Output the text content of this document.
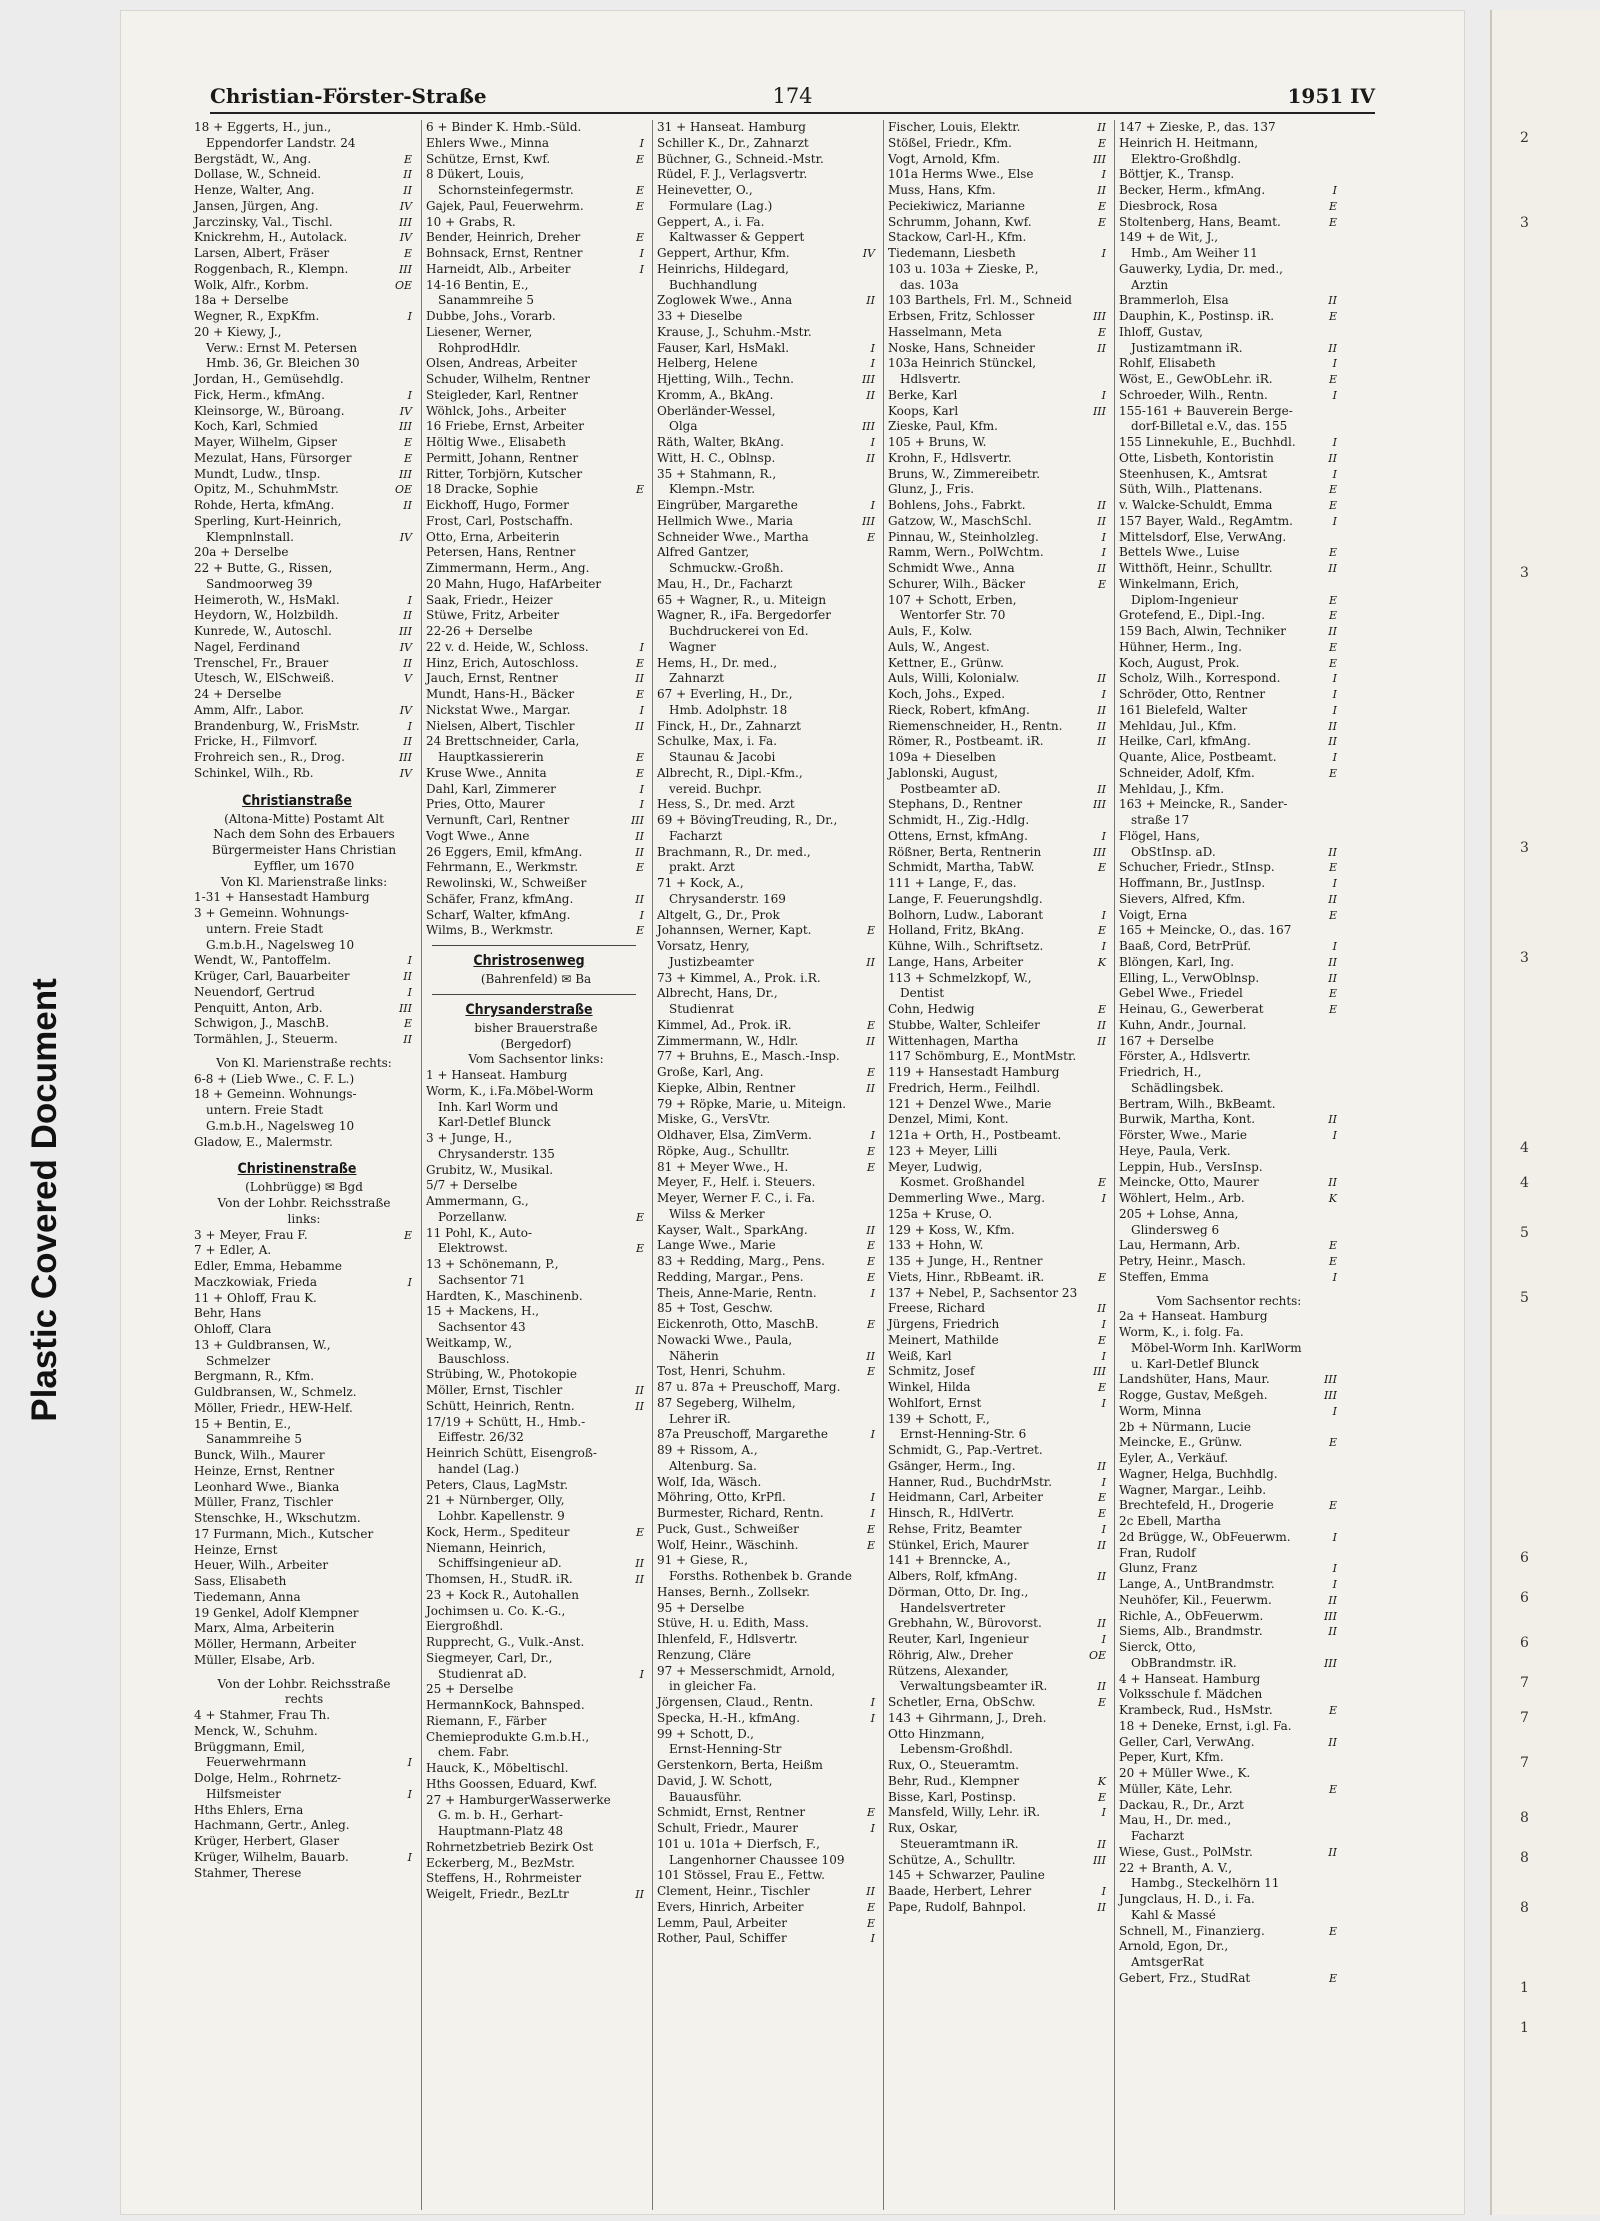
Plastic Covered Document
Christian-Förster-Straße	174	1951 IV
18 + Eggerts, H., jun.,
Eppendorfer Landstr. 24
Bergstädt, W., Ang.	E
Dollase, W., Schneid.	II
Henze, Walter, Ang.	II
Jansen, Jürgen, Ang.	IV
Jarczinsky, Val., Tischl.	III
Knickrehm, H., Autolack.	IV
Larsen, Albert, Fräser	E
Roggenbach, R., Klempn.	III
Wolk, Alfr., Korbm.	OE
18a + Derselbe
Wegner, R., ExpKfm.	I
20 + Kiewy, J.,
Verw.: Ernst M. Petersen
Hmb. 36, Gr. Bleichen 30
Jordan, H., Gemüsehdlg.
Fick, Herm., kfmAng.	I
Kleinsorge, W., Büroang.	IV
Koch, Karl, Schmied	III
Mayer, Wilhelm, Gipser	E
Mezulat, Hans, Fürsorger	E
Mundt, Ludw., tInsp.	III
Opitz, M., SchuhmMstr.	OE
Rohde, Herta, kfmAng.	II
Sperling, Kurt-Heinrich,
Klempnlnstall.	IV
20a + Derselbe
22 + Butte, G., Rissen,
Sandmoorweg 39
Heimeroth, W., HsMakl.	I
Heydorn, W., Holzbildh.	II
Kunrede, W., Autoschl.	III
Nagel, Ferdinand	IV
Trenschel, Fr., Brauer	II
Utesch, W., ElSchweiß.	V
24 + Derselbe
Amm, Alfr., Labor.	IV
Brandenburg, W., FrisMstr.	I
Fricke, H., Filmvorf.	II
Frohreich sen., R., Drog.	III
Schinkel, Wilh., Rb.	IV
Christianstraße
(Altona-Mitte) Postamt Alt
Nach dem Sohn des Erbauers
Bürgermeister Hans Christian
Eyffler, um 1670
Von Kl. Marienstraße links:
1-31 + Hansestadt Hamburg
3 + Gemeinn. Wohnungs-
untern. Freie Stadt
G.m.b.H., Nagelsweg 10
Wendt, W., Pantoffelm.	I
Krüger, Carl, Bauarbeiter	II
Neuendorf, Gertrud	I
Penquitt, Anton, Arb.	III
Schwigon, J., MaschB.	E
Tormählen, J., Steuerm.	II
Von Kl. Marienstraße rechts:
6-8 + (Lieb Wwe., C. F. L.)
18 + Gemeinn. Wohnungs-
untern. Freie Stadt
G.m.b.H., Nagelsweg 10
Gladow, E., Malermstr.
Christinenstraße
(Lohbrügge) ✉ Bgd
Von der Lohbr. Reichsstraße
links:
3 + Meyer, Frau F.	E
7 + Edler, A.
Edler, Emma, Hebamme
Maczkowiak, Frieda	I
11 + Ohloff, Frau K.
Behr, Hans
Ohloff, Clara
13 + Guldbransen, W.,
Schmelzer
Bergmann, R., Kfm.
Guldbransen, W., Schmelz.
Möller, Friedr., HEW-Helf.
15 + Bentin, E.,
Sanammreihe 5
Bunck, Wilh., Maurer
Heinze, Ernst, Rentner
Leonhard Wwe., Bianka
Müller, Franz, Tischler
Stenschke, H., Wkschutzm.
17 Furmann, Mich., Kutscher
Heinze, Ernst
Heuer, Wilh., Arbeiter
Sass, Elisabeth
Tiedemann, Anna
19 Genkel, Adolf Klempner
Marx, Alma, Arbeiterin
Möller, Hermann, Arbeiter
Müller, Elsabe, Arb.
Von der Lohbr. Reichsstraße
rechts
4 + Stahmer, Frau Th.
Menck, W., Schuhm.
Brüggmann, Emil,
Feuerwehrmann	I
Dolge, Helm., Rohrnetz-
Hilfsmeister	I
Hths Ehlers, Erna
Hachmann, Gertr., Anleg.
Krüger, Herbert, Glaser
Krüger, Wilhelm, Bauarb.	I
Stahmer, Therese
6 + Binder K. Hmb.-Süld.
Ehlers Wwe., Minna	I
Schütze, Ernst, Kwf.	E
8 Dükert, Louis,
Schornsteinfegermstr.	E
Gajek, Paul, Feuerwehrm.	E
10 + Grabs, R.
Bender, Heinrich, Dreher	E
Bohnsack, Ernst, Rentner	I
Harneidt, Alb., Arbeiter	I
14-16 Bentin, E.,
Sanammreihe 5
Dubbe, Johs., Vorarb.
Liesener, Werner,
RohprodHdlr.
Olsen, Andreas, Arbeiter
Schuder, Wilhelm, Rentner
Steigleder, Karl, Rentner
Wöhlck, Johs., Arbeiter
16 Friebe, Ernst, Arbeiter
Höltig Wwe., Elisabeth
Permitt, Johann, Rentner
Ritter, Torbjörn, Kutscher
18 Dracke, Sophie	E
Eickhoff, Hugo, Former
Frost, Carl, Postschaffn.
Otto, Erna, Arbeiterin
Petersen, Hans, Rentner
Zimmermann, Herm., Ang.
20 Mahn, Hugo, HafArbeiter
Saak, Friedr., Heizer
Stüwe, Fritz, Arbeiter
22-26 + Derselbe
22 v. d. Heide, W., Schloss.	I
Hinz, Erich, Autoschloss.	E
Jauch, Ernst, Rentner	II
Mundt, Hans-H., Bäcker	E
Nickstat Wwe., Margar.	I
Nielsen, Albert, Tischler	II
24 Brettschneider, Carla,
Hauptkassiererin	E
Kruse Wwe., Annita	E
Dahl, Karl, Zimmerer	I
Pries, Otto, Maurer	I
Vernunft, Carl, Rentner	III
Vogt Wwe., Anne	II
26 Eggers, Emil, kfmAng.	II
Fehrmann, E., Werkmstr.	E
Rewolinski, W., Schweißer
Schäfer, Franz, kfmAng.	II
Scharf, Walter, kfmAng.	I
Wilms, B., Werkmstr.	E
Christrosenweg
(Bahrenfeld) ✉ Ba
Chrysanderstraße
bisher Brauerstraße
(Bergedorf)
Vom Sachsentor links:
1 + Hanseat. Hamburg
Worm, K., i.Fa.Möbel-Worm
Inh. Karl Worm und
Karl-Detlef Blunck
3 + Junge, H.,
Chrysanderstr. 135
Grubitz, W., Musikal.
5/7 + Derselbe
Ammermann, G.,
Porzellanw.	E
11 Pohl, K., Auto-
Elektrowst.	E
13 + Schönemann, P.,
Sachsentor 71
Hardten, K., Maschinenb.
15 + Mackens, H.,
Sachsentor 43
Weitkamp, W.,
Bauschloss.
Strübing, W., Photokopie
Möller, Ernst, Tischler	II
Schütt, Heinrich, Rentn.	II
17/19 + Schütt, H., Hmb.-
Eiffestr. 26/32
Heinrich Schütt, Eisengroß-
handel (Lag.)
Peters, Claus, LagMstr.
21 + Nürnberger, Olly,
Lohbr. Kapellenstr. 9
Kock, Herm., Spediteur	E
Niemann, Heinrich,
Schiffsingenieur aD.	II
Thomsen, H., StudR. iR.	II
23 + Kock R., Autohallen
Jochimsen u. Co. K.-G.,
Eiergroßhdl.
Rupprecht, G., Vulk.-Anst.
Siegmeyer, Carl, Dr.,
Studienrat aD.	I
25 + Derselbe
HermannKock, Bahnsped.
Riemann, F., Färber
Chemieprodukte G.m.b.H.,
chem. Fabr.
Hauck, K., Möbeltischl.
Hths Goossen, Eduard, Kwf.
27 + HamburgerWasserwerke
G. m. b. H., Gerhart-
Hauptmann-Platz 48
Rohrnetzbetrieb Bezirk Ost
Eckerberg, M., BezMstr.
Steffens, H., Rohrmeister
Weigelt, Friedr., BezLtr	II
31 + Hanseat. Hamburg
Schiller K., Dr., Zahnarzt
Büchner, G., Schneid.-Mstr.
Rüdel, F. J., Verlagsvertr.
Heinevetter, O.,
Formulare (Lag.)
Geppert, A., i. Fa.
Kaltwasser & Geppert
Geppert, Arthur, Kfm.	IV
Heinrichs, Hildegard,
Buchhandlung
Zoglowek Wwe., Anna	II
33 + Dieselbe
Krause, J., Schuhm.-Mstr.
Fauser, Karl, HsMakl.	I
Helberg, Helene	I
Hjetting, Wilh., Techn.	III
Kromm, A., BkAng.	II
Oberländer-Wessel,
Olga	III
Räth, Walter, BkAng.	I
Witt, H. C., Oblnsp.	II
35 + Stahmann, R.,
Klempn.-Mstr.
Eingrüber, Margarethe	I
Hellmich Wwe., Maria	III
Schneider Wwe., Martha	E
Alfred Gantzer,
Schmuckw.-Großh.
Mau, H., Dr., Facharzt
65 + Wagner, R., u. Miteign
Wagner, R., iFa. Bergedorfer
Buchdruckerei von Ed.
Wagner
Hems, H., Dr. med.,
Zahnarzt
67 + Everling, H., Dr.,
Hmb. Adolphstr. 18
Finck, H., Dr., Zahnarzt
Schulke, Max, i. Fa.
Staunau & Jacobi
Albrecht, R., Dipl.-Kfm.,
vereid. Buchpr.
Hess, S., Dr. med. Arzt
69 + BövingTreuding, R., Dr.,
Facharzt
Brachmann, R., Dr. med.,
prakt. Arzt
71 + Kock, A.,
Chrysanderstr. 169
Altgelt, G., Dr., Prok
Johannsen, Werner, Kapt.	E
Vorsatz, Henry,
Justizbeamter	II
73 + Kimmel, A., Prok. i.R.
Albrecht, Hans, Dr.,
Studienrat
Kimmel, Ad., Prok. iR.	E
Zimmermann, W., Hdlr.	II
77 + Bruhns, E., Masch.-Insp.
Große, Karl, Ang.	E
Kiepke, Albin, Rentner	II
79 + Röpke, Marie, u. Miteign.
Miske, G., VersVtr.
Oldhaver, Elsa, ZimVerm.	I
Röpke, Aug., Schulltr.	E
81 + Meyer Wwe., H.	E
Meyer, F., Helf. i. Steuers.
Meyer, Werner F. C., i. Fa.
Wilss & Merker
Kayser, Walt., SparkAng.	II
Lange Wwe., Marie	E
83 + Redding, Marg., Pens.	E
Redding, Margar., Pens.	E
Theis, Anne-Marie, Rentn.	I
85 + Tost, Geschw.
Eickenroth, Otto, MaschB.	E
Nowacki Wwe., Paula,
Näherin	II
Tost, Henri, Schuhm.	E
87 u. 87a + Preuschoff, Marg.
87 Segeberg, Wilhelm,
Lehrer iR.
87a Preuschoff, Margarethe	I
89 + Rissom, A.,
Altenburg. Sa.
Wolf, Ida, Wäsch.
Möhring, Otto, KrPfl.	I
Burmester, Richard, Rentn.	I
Puck, Gust., Schweißer	E
Wolf, Heinr., Wäschinh.	E
91 + Giese, R.,
Forsths. Rothenbek b. Grande
Hanses, Bernh., Zollsekr.
95 + Derselbe
Stüve, H. u. Edith, Mass.
Ihlenfeld, F., Hdlsvertr.
Renzung, Cläre
97 + Messerschmidt, Arnold,
in gleicher Fa.
Jörgensen, Claud., Rentn.	I
Specka, H.-H., kfmAng.	I
99 + Schott, D.,
Ernst-Henning-Str
Gerstenkorn, Berta, Heißm
David, J. W. Schott,
Bauausführ.
Schmidt, Ernst, Rentner	E
Schult, Friedr., Maurer	I
101 u. 101a + Dierfsch, F.,
Langenhorner Chaussee 109
101 Stössel, Frau E., Fettw.
Clement, Heinr., Tischler	II
Evers, Hinrich, Arbeiter	E
Lemm, Paul, Arbeiter	E
Rother, Paul, Schiffer	I
Fischer, Louis, Elektr.	II
Stößel, Friedr., Kfm.	E
Vogt, Arnold, Kfm.	III
101a Herms Wwe., Else	I
Muss, Hans, Kfm.	II
Peciekiwicz, Marianne	E
Schrumm, Johann, Kwf.	E
Stackow, Carl-H., Kfm.
Tiedemann, Liesbeth	I
103 u. 103a + Zieske, P.,
das. 103a
103 Barthels, Frl. M., Schneid
Erbsen, Fritz, Schlosser	III
Hasselmann, Meta	E
Noske, Hans, Schneider	II
103a Heinrich Stünckel,
Hdlsvertr.
Berke, Karl	I
Koops, Karl	III
Zieske, Paul, Kfm.
105 + Bruns, W.
Krohn, F., Hdlsvertr.
Bruns, W., Zimmereibetr.
Glunz, J., Fris.
Bohlens, Johs., Fabrkt.	II
Gatzow, W., MaschSchl.	II
Pinnau, W., Steinholzleg.	I
Ramm, Wern., PolWchtm.	I
Schmidt Wwe., Anna	II
Schurer, Wilh., Bäcker	E
107 + Schott, Erben,
Wentorfer Str. 70
Auls, F., Kolw.
Auls, W., Angest.
Kettner, E., Grünw.
Auls, Willi, Kolonialw.	II
Koch, Johs., Exped.	I
Rieck, Robert, kfmAng.	II
Riemenschneider, H., Rentn.	II
Römer, R., Postbeamt. iR.	II
109a + Dieselben
Jablonski, August,
Postbeamter aD.	II
Stephans, D., Rentner	III
Schmidt, H., Zig.-Hdlg.
Ottens, Ernst, kfmAng.	I
Rößner, Berta, Rentnerin	III
Schmidt, Martha, TabW.	E
111 + Lange, F., das.
Lange, F. Feuerungshdlg.
Bolhorn, Ludw., Laborant	I
Holland, Fritz, BkAng.	E
Kühne, Wilh., Schriftsetz.	I
Lange, Hans, Arbeiter	K
113 + Schmelzkopf, W.,
Dentist
Cohn, Hedwig	E
Stubbe, Walter, Schleifer	II
Wittenhagen, Martha	II
117 Schömburg, E., MontMstr.
119 + Hansestadt Hamburg
Fredrich, Herm., Feilhdl.
121 + Denzel Wwe., Marie
Denzel, Mimi, Kont.
121a + Orth, H., Postbeamt.
123 + Meyer, Lilli
Meyer, Ludwig,
Kosmet. Großhandel	E
Demmerling Wwe., Marg.	I
125a + Kruse, O.
129 + Koss, W., Kfm.
133 + Hohn, W.
135 + Junge, H., Rentner
Viets, Hinr., RbBeamt. iR.	E
137 + Nebel, P., Sachsentor 23
Freese, Richard	II
Jürgens, Friedrich	I
Meinert, Mathilde	E
Weiß, Karl	I
Schmitz, Josef	III
Winkel, Hilda	E
Wohlfort, Ernst	I
139 + Schott, F.,
Ernst-Henning-Str. 6
Schmidt, G., Pap.-Vertret.
Gsänger, Herm., Ing.	II
Hanner, Rud., BuchdrMstr.	I
Heidmann, Carl, Arbeiter	E
Hinsch, R., HdlVertr.	E
Rehse, Fritz, Beamter	I
Stünkel, Erich, Maurer	II
141 + Brenncke, A.,
Albers, Rolf, kfmAng.	II
Dörman, Otto, Dr. Ing.,
Handelsvertreter
Grebhahn, W., Bürovorst.	II
Reuter, Karl, Ingenieur	I
Röhrig, Alw., Dreher	OE
Rützens, Alexander,
Verwaltungsbeamter iR.	II
Schetler, Erna, ObSchw.	E
143 + Gihrmann, J., Dreh.
Otto Hinzmann,
Lebensm-Großhdl.
Rux, O., Steueramtm.
Behr, Rud., Klempner	K
Bisse, Karl, Postinsp.	E
Mansfeld, Willy, Lehr. iR.	I
Rux, Oskar,
Steueramtmann iR.	II
Schütze, A., Schulltr.	III
145 + Schwarzer, Pauline
Baade, Herbert, Lehrer	I
Pape, Rudolf, Bahnpol.	II
147 + Zieske, P., das. 137
Heinrich H. Heitmann,
Elektro-Großhdlg.
Böttjer, K., Transp.
Becker, Herm., kfmAng.	I
Diesbrock, Rosa	E
Stoltenberg, Hans, Beamt.	E
149 + de Wit, J.,
Hmb., Am Weiher 11
Gauwerky, Lydia, Dr. med.,
Arztin
Brammerloh, Elsa	II
Dauphin, K., Postinsp. iR.	E
Ihloff, Gustav,
Justizamtmann iR.	II
Rohlf, Elisabeth	I
Wöst, E., GewObLehr. iR.	E
Schroeder, Wilh., Rentn.	I
155-161 + Bauverein Berge-
dorf-Billetal e.V., das. 155
155 Linnekuhle, E., Buchhdl.	I
Otte, Lisbeth, Kontoristin	II
Steenhusen, K., Amtsrat	I
Süth, Wilh., Plattenans.	E
v. Walcke-Schuldt, Emma	E
157 Bayer, Wald., RegAmtm.	I
Mittelsdorf, Else, VerwAng.
Bettels Wwe., Luise	E
Witthöft, Heinr., Schulltr.	II
Winkelmann, Erich,
Diplom-Ingenieur	E
Grotefend, E., Dipl.-Ing.	E
159 Bach, Alwin, Techniker	II
Hühner, Herm., Ing.	E
Koch, August, Prok.	E
Scholz, Wilh., Korrespond.	I
Schröder, Otto, Rentner	I
161 Bielefeld, Walter	I
Mehldau, Jul., Kfm.	II
Heilke, Carl, kfmAng.	II
Quante, Alice, Postbeamt.	I
Schneider, Adolf, Kfm.	E
Mehldau, J., Kfm.
163 + Meincke, R., Sander-
straße 17
Flögel, Hans,
ObStInsp. aD.	II
Schucher, Friedr., StInsp.	E
Hoffmann, Br., JustInsp.	I
Sievers, Alfred, Kfm.	II
Voigt, Erna	E
165 + Meincke, O., das. 167
Baaß, Cord, BetrPrüf.	I
Blöngen, Karl, Ing.	II
Elling, L., VerwOblnsp.	II
Gebel Wwe., Friedel	E
Heinau, G., Gewerberat	E
Kuhn, Andr., Journal.
167 + Derselbe
Förster, A., Hdlsvertr.
Friedrich, H.,
Schädlingsbek.
Bertram, Wilh., BkBeamt.
Burwik, Martha, Kont.	II
Förster, Wwe., Marie	I
Heye, Paula, Verk.
Leppin, Hub., VersInsp.
Meincke, Otto, Maurer	II
Wöhlert, Helm., Arb.	K
205 + Lohse, Anna,
Glindersweg 6
Lau, Hermann, Arb.	E
Petry, Heinr., Masch.	E
Steffen, Emma	I
Vom Sachsentor rechts:
2a + Hanseat. Hamburg
Worm, K., i. folg. Fa.
Möbel-Worm Inh. KarlWorm
u. Karl-Detlef Blunck
Landshüter, Hans, Maur.	III
Rogge, Gustav, Meßgeh.	III
Worm, Minna	I
2b + Nürmann, Lucie
Meincke, E., Grünw.	E
Eyler, A., Verkäuf.
Wagner, Helga, Buchhdlg.
Wagner, Margar., Leihb.
Brechtefeld, H., Drogerie	E
2c Ebell, Martha
2d Brügge, W., ObFeuerwm.	I
Fran, Rudolf
Glunz, Franz	I
Lange, A., UntBrandmstr.	I
Neuhöfer, Kil., Feuerwm.	II
Richle, A., ObFeuerwm.	III
Siems, Alb., Brandmstr.	II
Sierck, Otto,
ObBrandmstr. iR.	III
4 + Hanseat. Hamburg
Volksschule f. Mädchen
Krambeck, Rud., HsMstr.	E
18 + Deneke, Ernst, i.gl. Fa.
Geller, Carl, VerwAng.	II
Peper, Kurt, Kfm.
20 + Müller Wwe., K.
Müller, Käte, Lehr.	E
Dackau, R., Dr., Arzt
Mau, H., Dr. med.,
Facharzt
Wiese, Gust., PolMstr.	II
22 + Branth, A. V.,
Hambg., Steckelhörn 11
Jungclaus, H. D., i. Fa.
Kahl & Massé
Schnell, M., Finanzierg.	E
Arnold, Egon, Dr.,
AmtsgerRat
Gebert, Frz., StudRat	E
2
3
3
3
3
4
4
5
5
6
6
6
7
7
7
8
8
8
1
1
